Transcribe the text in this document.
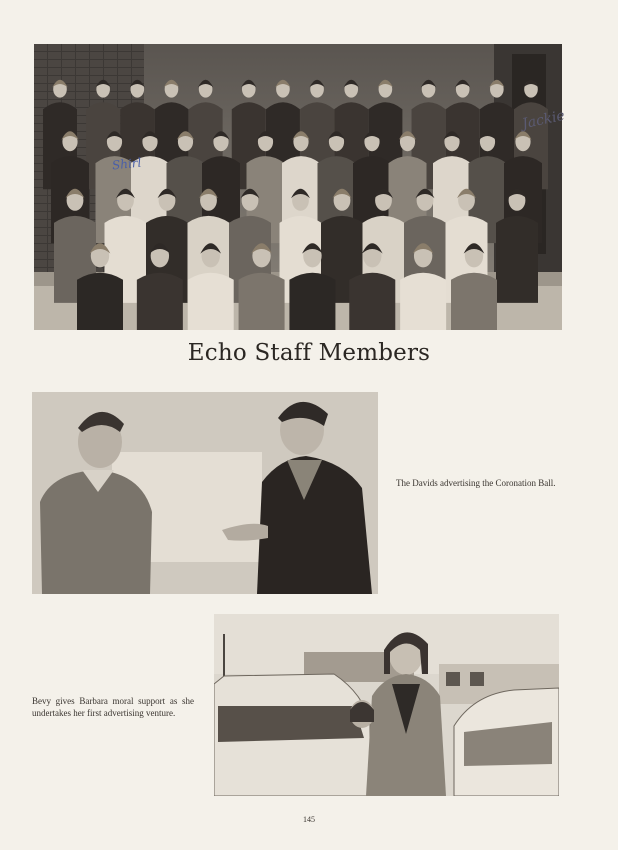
Jackie
Shirl
Echo Staff Members

The Davids advertising the Coronation Ball.

Bevy gives Barbara moral support as she undertakes her first advertising venture.

145
